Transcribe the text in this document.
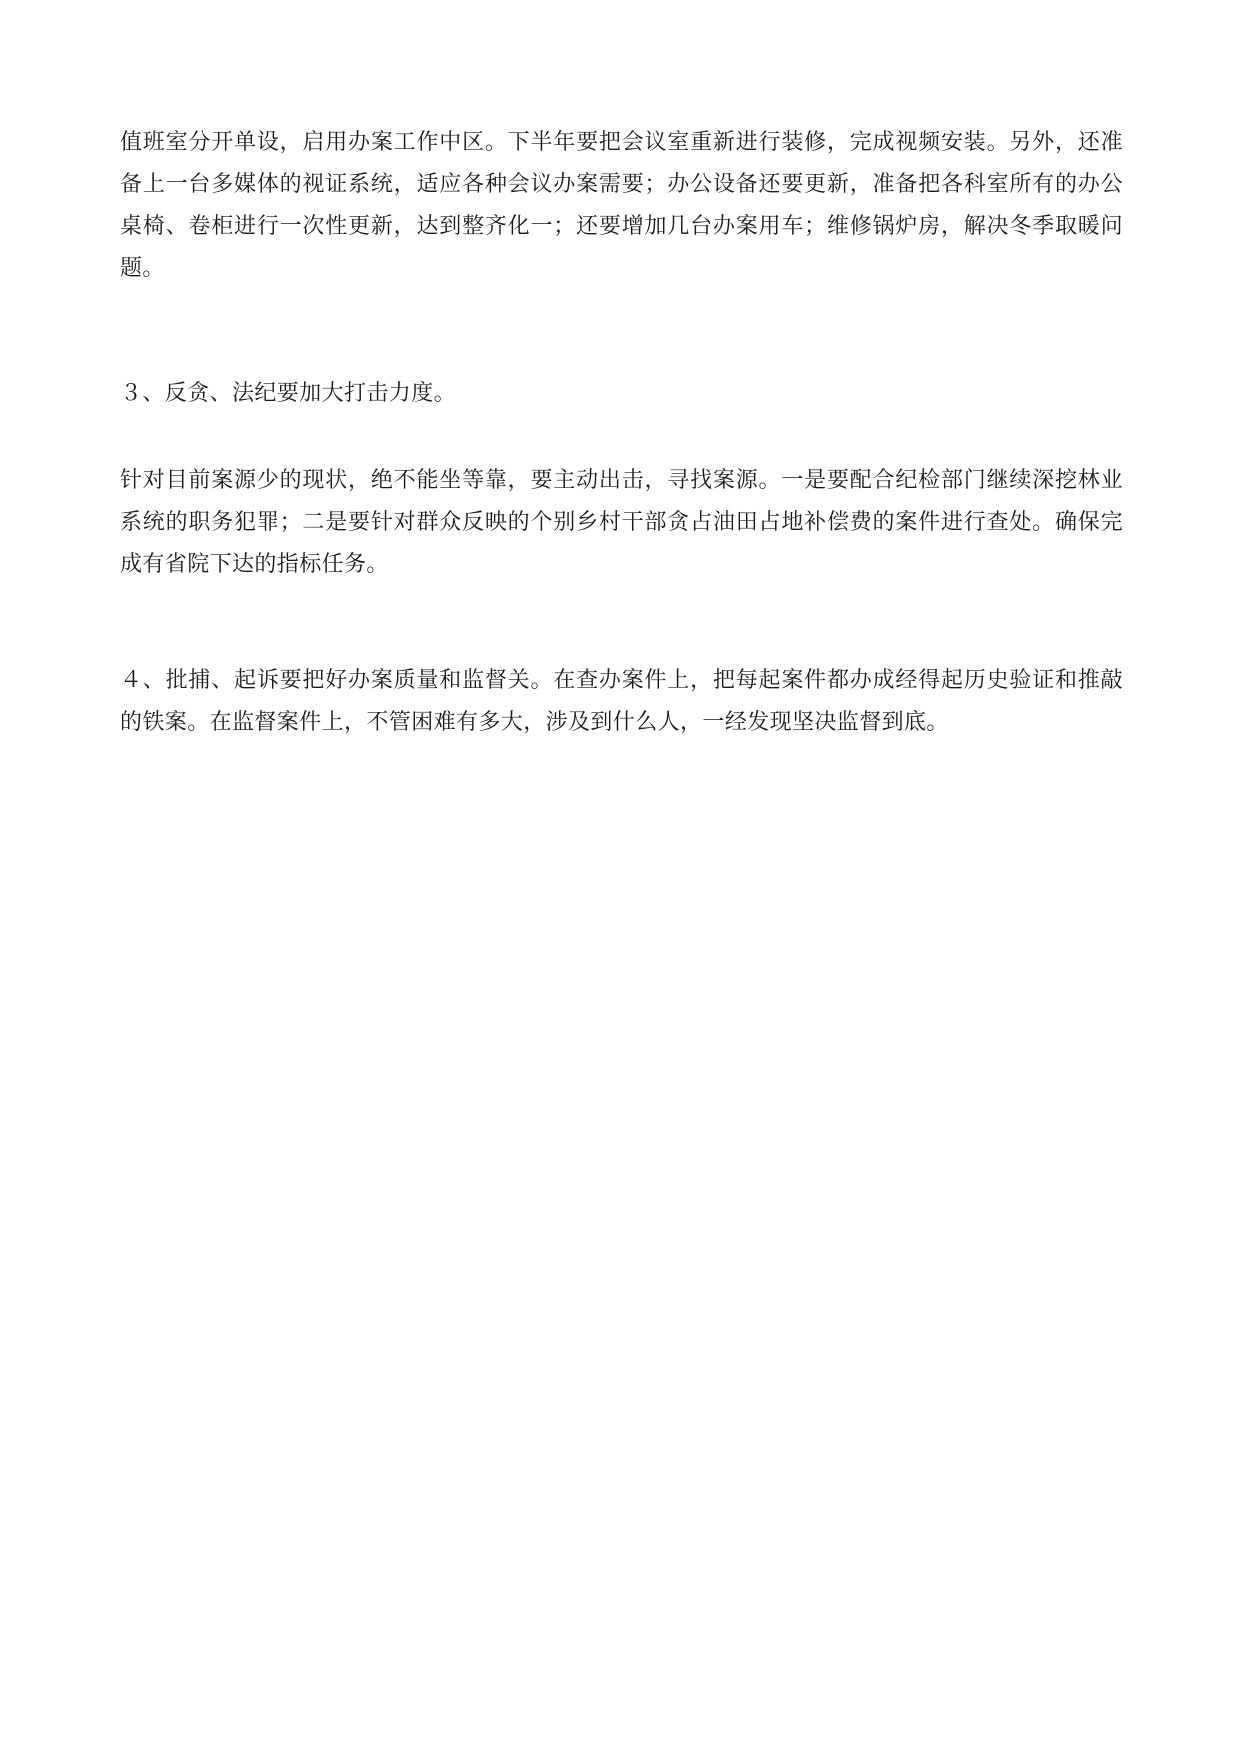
值班室分开单设，启用办案工作中区。下半年要把会议室重新进行装修，完成视频安装。另外，还准备上一台多媒体的视证系统，适应各种会议办案需要；办公设备还要更新，准备把各科室所有的办公桌椅、卷柜进行一次性更新，达到整齐化一；还要增加几台办案用车；维修锅炉房，解决冬季取暖问题。

３、反贪、法纪要加大打击力度。

针对目前案源少的现状，绝不能坐等靠，要主动出击，寻找案源。一是要配合纪检部门继续深挖林业系统的职务犯罪；二是要针对群众反映的个别乡村干部贪占油田占地补偿费的案件进行查处。确保完成有省院下达的指标任务。

４、批捕、起诉要把好办案质量和监督关。在查办案件上，把每起案件都办成经得起历史验证和推敲的铁案。在监督案件上，不管困难有多大，涉及到什么人，一经发现坚决监督到底。
